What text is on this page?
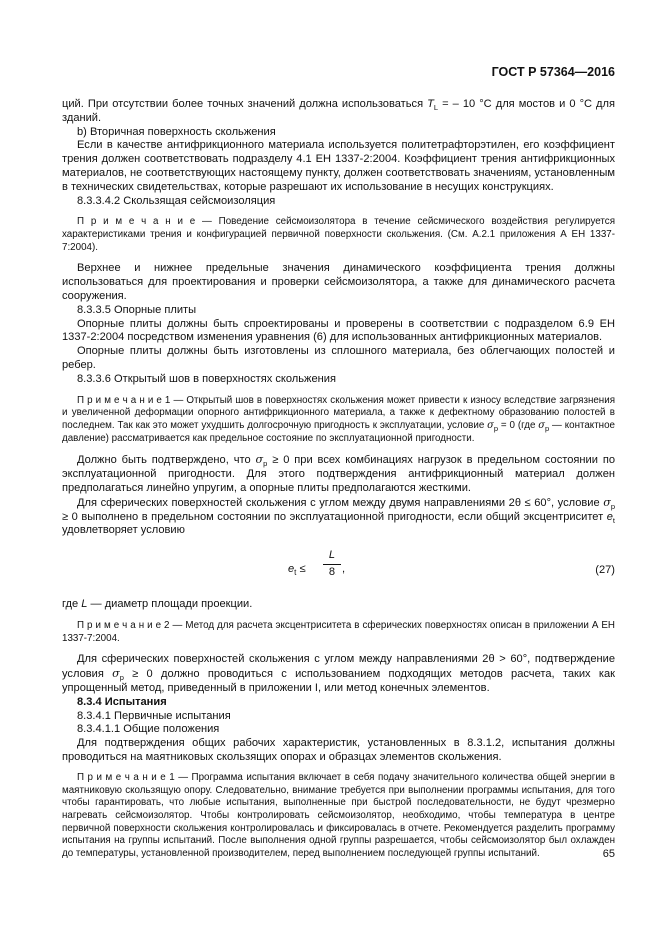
ГОСТ Р 57364—2016

ций. При отсутствии более точных значений должна использоваться $T_L$ = – 10 °C для мостов и 0 °C для зданий.

b) Вторичная поверхность скольжения

Если в качестве антифрикционного материала используется политетрафторэтилен, его коэффициент трения должен соответствовать подразделу 4.1 ЕН 1337-2:2004. Коэффициент трения антифрикционных материалов, не соответствующих настоящему пункту, должен соответствовать значениям, установленным в технических свидетельствах, которые разрешают их использование в несущих конструкциях.

8.3.3.4.2 Скользящая сейсмоизоляция

П р и м е ч а н и е — Поведение сейсмоизолятора в течение сейсмического воздействия регулируется характеристиками трения и конфигурацией первичной поверхности скольжения. (См. А.2.1 приложения А ЕН 1337-7:2004).

Верхнее и нижнее предельные значения динамического коэффициента трения должны использоваться для проектирования и проверки сейсмоизолятора, а также для динамического расчета сооружения.

8.3.3.5 Опорные плиты

Опорные плиты должны быть спроектированы и проверены в соответствии с подразделом 6.9 ЕН 1337-2:2004 посредством изменения уравнения (6) для использованных антифрикционных материалов.

Опорные плиты должны быть изготовлены из сплошного материала, без облегчающих полостей и ребер.

8.3.3.6 Открытый шов в поверхностях скольжения

П р и м е ч а н и е 1 — Открытый шов в поверхностях скольжения может привести к износу вследствие загрязнения и увеличенной деформации опорного антифрикционного материала, а также к дефектному образованию полостей в последнем. Так как это может ухудшить долгосрочную пригодность к эксплуатации, условие $\sigma_p = 0$ (где $\sigma_p$ — контактное давление) рассматривается как предельное состояние по эксплуатационной пригодности.

Должно быть подтверждено, что $\sigma_p \ge 0$ при всех комбинациях нагрузок в предельном состоянии по эксплуатационной пригодности. Для этого подтверждения антифрикционный материал должен предполагаться линейно упругим, а опорные плиты предполагаются жесткими.

Для сферических поверхностей скольжения с углом между двумя направлениями 2θ ≤ 60°, условие $\sigma_p \ge 0$ выполнено в предельном состоянии по эксплуатационной пригодности, если общий эксцентриситет $e_t$ удовлетворяет условию

$e_t$ ≤
L
8 ,	(27)

где L — диаметр площади проекции.

П р и м е ч а н и е 2 — Метод для расчета эксцентриситета в сферических поверхностях описан в приложении А ЕН 1337-7:2004.

Для сферических поверхностей скольжения с углом между направлениями 2θ > 60°, подтверждение условия $\sigma_p \ge 0$ должно проводиться с использованием подходящих методов расчета, таких как упрощенный метод, приведенный в приложении I, или метод конечных элементов.

8.3.4 Испытания

8.3.4.1 Первичные испытания

8.3.4.1.1 Общие положения

Для подтверждения общих рабочих характеристик, установленных в 8.3.1.2, испытания должны проводиться на маятниковых скользящих опорах и образцах элементов скольжения.

П р и м е ч а н и е 1 — Программа испытания включает в себя подачу значительного количества общей энергии в маятниковую скользящую опору. Следовательно, внимание требуется при выполнении программы испытания, для того чтобы гарантировать, что любые испытания, выполненные при быстрой последовательности, не будут чрезмерно нагревать сейсмоизолятор. Чтобы контролировать сейсмоизолятор, необходимо, чтобы температура в центре первичной поверхности скольжения контролировалась и фиксировалась в отчете. Рекомендуется разделить программу испытания на группы испытаний. После выполнения одной группы разрешается, чтобы сейсмоизолятор был охлажден до температуры, установленной производителем, перед выполнением последующей группы испытаний.	65
